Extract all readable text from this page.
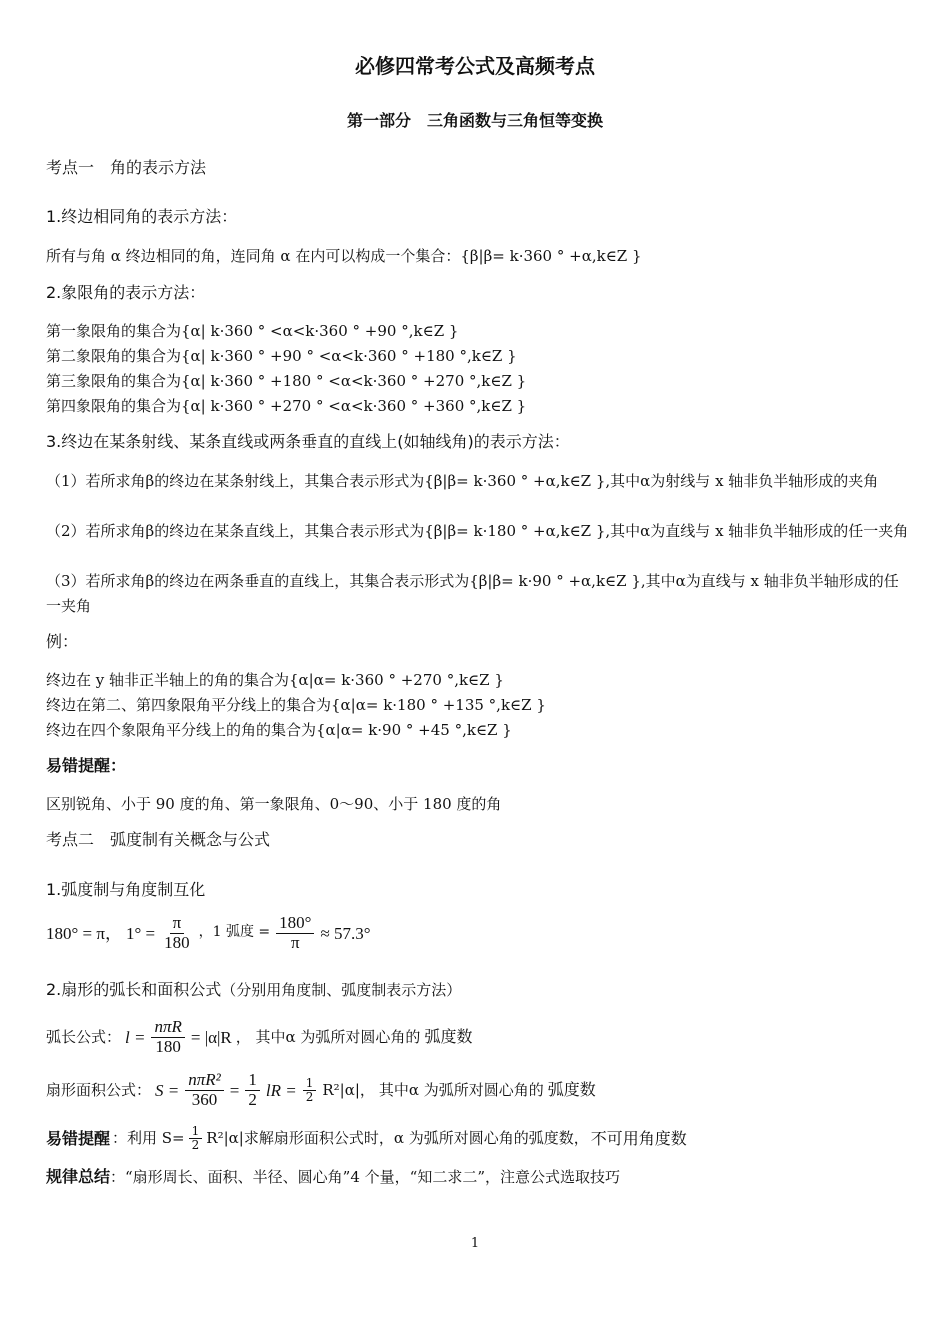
必修四常考公式及高频考点
第一部分　三角函数与三角恒等变换
考点一　角的表示方法
1.终边相同角的表示方法：
所有与角 α 终边相同的角，连同角 α 在内可以构成一个集合：{β|β= k·360 ° +α,k∈Z }
2.象限角的表示方法：
第一象限角的集合为{α| k·360 ° <α<k·360 ° +90 °,k∈Z }
第二象限角的集合为{α| k·360 ° +90 ° <α<k·360 ° +180 °,k∈Z }
第三象限角的集合为{α| k·360 ° +180 ° <α<k·360 ° +270 °,k∈Z }
第四象限角的集合为{α| k·360 ° +270 ° <α<k·360 ° +360 °,k∈Z }
3.终边在某条射线、某条直线或两条垂直的直线上(如轴线角)的表示方法：
（1）若所求角β的终边在某条射线上，其集合表示形式为{β|β= k·360 ° +α,k∈Z },其中α为射线与 x 轴非负半轴形成的夹角
（2）若所求角β的终边在某条直线上，其集合表示形式为{β|β= k·180 ° +α,k∈Z },其中α为直线与 x 轴非负半轴形成的任一夹角
（3）若所求角β的终边在两条垂直的直线上，其集合表示形式为{β|β= k·90 ° +α,k∈Z },其中α为直线与 x 轴非负半轴形成的任一夹角
例：
终边在 y 轴非正半轴上的角的集合为{α|α= k·360 ° +270 °,k∈Z }
终边在第二、第四象限角平分线上的集合为{α|α= k·180 ° +135 °,k∈Z }
终边在四个象限角平分线上的角的集合为{α|α= k·90 ° +45 °,k∈Z }
易错提醒：
区别锐角、小于 90 度的角、第一象限角、0～90、小于 180 度的角
考点二　弧度制有关概念与公式
1.弧度制与角度制互化
180° = π， $1^\circ = \frac{\pi}{180}$ ，1 弧度 = $\frac{180^\circ}{\pi} \approx 57.3^\circ$
2.扇形的弧长和面积公式（分别用角度制、弧度制表示方法）
弧长公式： $l = \frac{\text{nπR}}{180} = |\alpha|R$ ， 其中α 为弧所对圆心角的 弧度数
扇形面积公式： $S = \frac{\text{nπR²}}{360} = \frac{1}{2}$ lR = $\frac{1}{2} R^2|\alpha|$， 其中α 为弧所对圆心角的 弧度数
易错提醒 ：利用 $S= \frac{1}{2} R^2|\alpha|$求解扇形面积公式时，α 为弧所对圆心角的弧度数， 不可用角度数
规律总结：“扇形周长、面积、半径、圆心角”4 个量，“知二求二”，注意公式选取技巧
1
